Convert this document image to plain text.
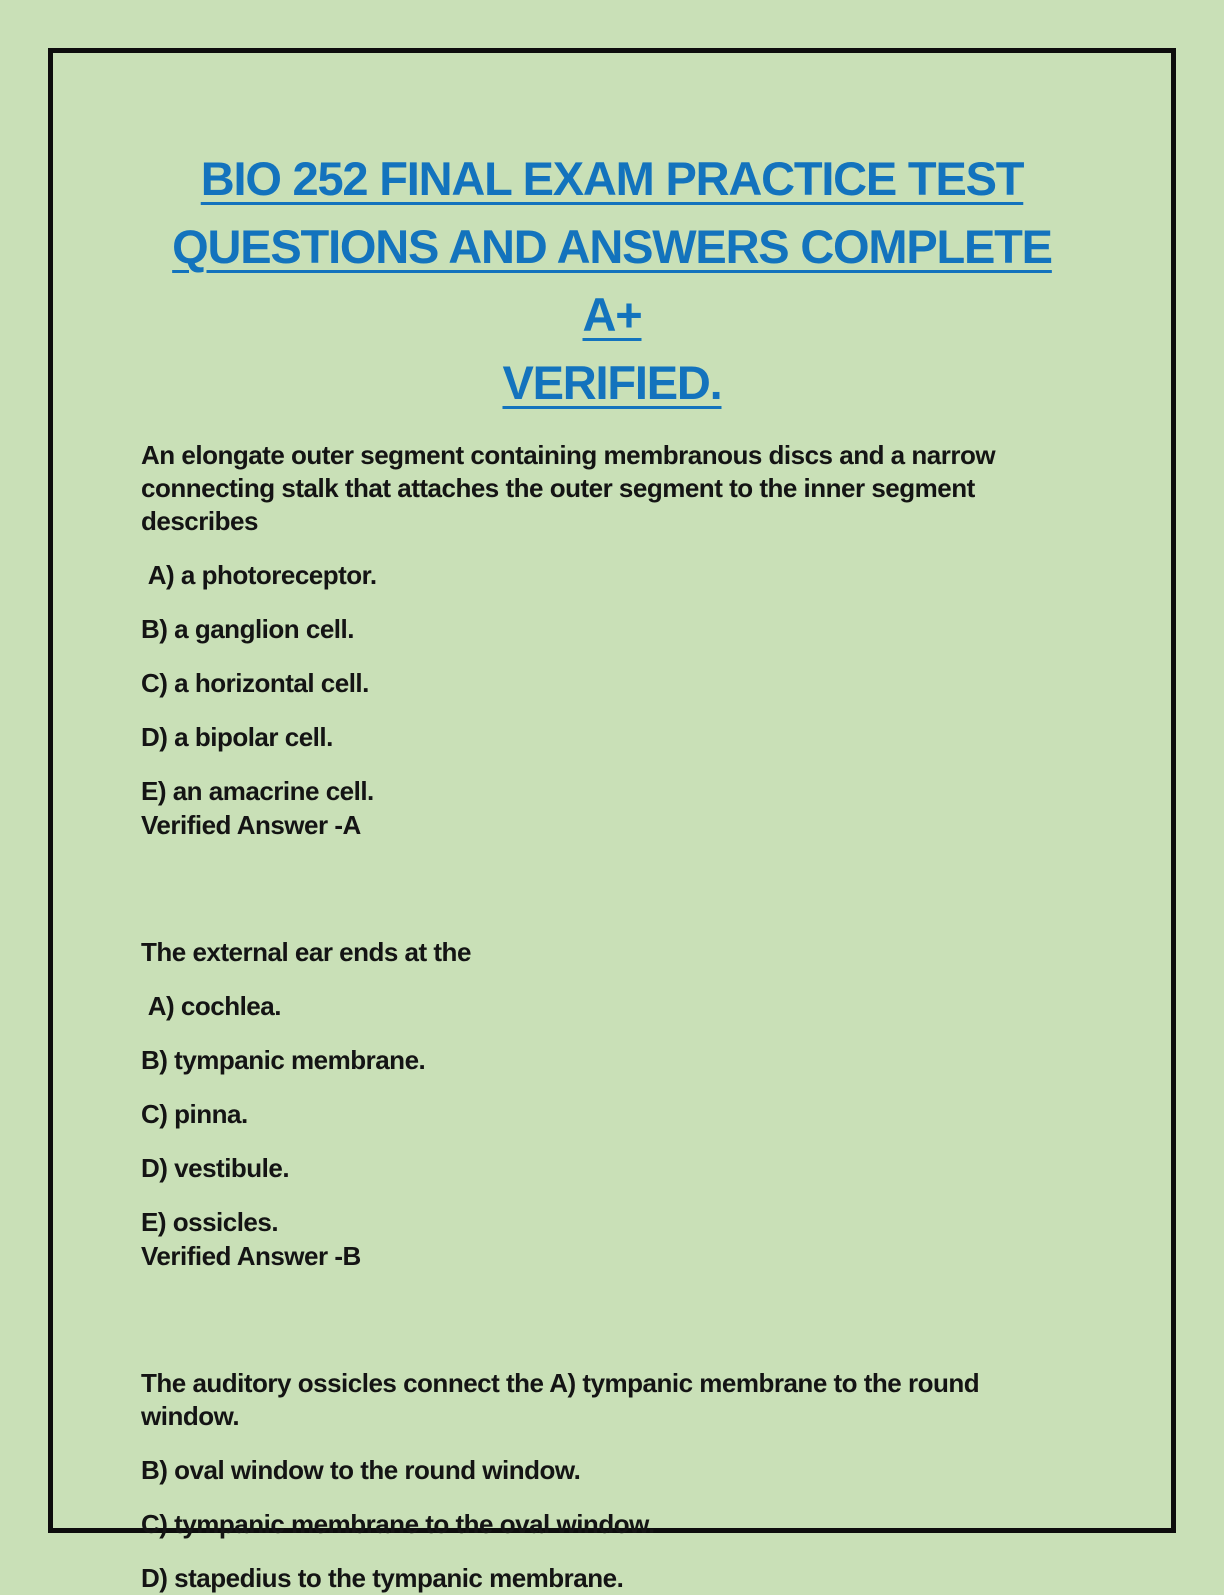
BIO 252 FINAL EXAM PRACTICE TEST
QUESTIONS AND ANSWERS COMPLETE A+
VERIFIED.

An elongate outer segment containing membranous discs and a narrow connecting stalk that attaches the outer segment to the inner segment describes

A) a photoreceptor.

B) a ganglion cell.

C) a horizontal cell.

D) a bipolar cell.

E) an amacrine cell.

Verified Answer -A

The external ear ends at the

A) cochlea.

B) tympanic membrane.

C) pinna.

D) vestibule.

E) ossicles.

Verified Answer -B

The auditory ossicles connect the A) tympanic membrane to the round window.

B) oval window to the round window.

C) tympanic membrane to the oval window.

D) stapedius to the tympanic membrane.
